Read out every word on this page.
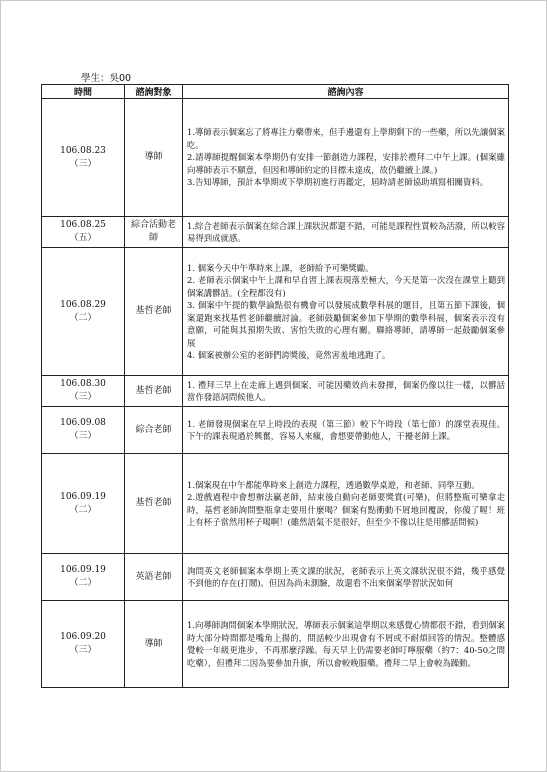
學生：吳00
時間	諮詢對象	諮詢內容

106.08.23
（三）	導師	1.導師表示個案忘了將專注力藥帶來，但手邊還有上學期剩下的一些藥，所以先讓個案吃。
2.請導師提醒個案本學期仍有安排一節創造力課程，安排於禮拜二中午上課。(個案雖向導師表示不願意，但因和導師約定的目標未達成，故仍繼續上課。)
3.告知導師，預計本學期或下學期初進行再鑑定，屆時請老師協助填寫相關資料。

106.08.25
（五）	綜合活動老師	1.綜合老師表示個案在綜合課上課狀況都還不錯，可能是課程性質較為活潑，所以較容易得到成就感。

106.08.29
（二）	基哲老師	1. 個案今天中午準時來上課，老師給予可樂獎勵。
2. 老師表示個案中午上課和早自習上課表現落差極大，今天是第一次沒在課堂上聽到個案講髒話。(全程都沒有)
3. 個案中午提的數學論點很有機會可以發展成數學科展的題目，且第五節下課後，個案還跑來找基哲老師繼續討論。老師鼓勵個案參加下學期的數學科展，個案表示沒有意願，可能與其預期失敗、害怕失敗的心理有關。聯絡導師，請導師一起鼓勵個案參展
4. 個案被辦公室的老師們誇獎後，竟然害羞地逃跑了。

106.08.30
（三）	基哲老師	1. 禮拜三早上在走廊上遇到個案，可能因藥效尚未發揮，個案仍像以往一樣，以髒話當作發語詞問候他人。

106.09.08
（三）	綜合老師	1. 老師發現個案在早上時段的表現（第三節）較下午時段（第七節）的課堂表現佳。下午的課表現過於興奮，容易人來瘋，會想要帶動他人，干擾老師上課。

106.09.19
（二）	基哲老師	1.個案現在中午都能準時來上創造力課程，透過數學桌遊，和老師、同學互動。
2.遊戲過程中會想辦法贏老師，結束後自動向老師要獎賞(可樂)，但將整瓶可樂拿走時，基哲老師詢問整瓶拿走要用什麼喝？個案有點衝動不屑地回覆說，你傻了喔！班上有杯子當然用杯子喝啊！(雖然語氣不是很好，但至少不像以往是用髒話問候)

106.09.19
（二）	英語老師	詢問英文老師個案本學期上英文課的狀況，老師表示上英文課狀況很不錯，幾乎感覺不到他的存在(打鬧)。但因為尚未測驗，故還看不出來個案學習狀況如何

106.09.20
（三）	導師	1.向導師詢問個案本學期狀況，導師表示個案這學期以來感覺心情都很不錯，看到個案時大部分時間都是嘴角上揚的，問話較少出現會有不屑或不耐煩回答的情況。整體感覺較一年級更進步，不再那麼浮躁。每天早上仍需要老師叮嚀服藥（約7：40-50之間吃藥），但禮拜二因為要參加升旗，所以會較晚服藥。禮拜二早上會較為躁動。
